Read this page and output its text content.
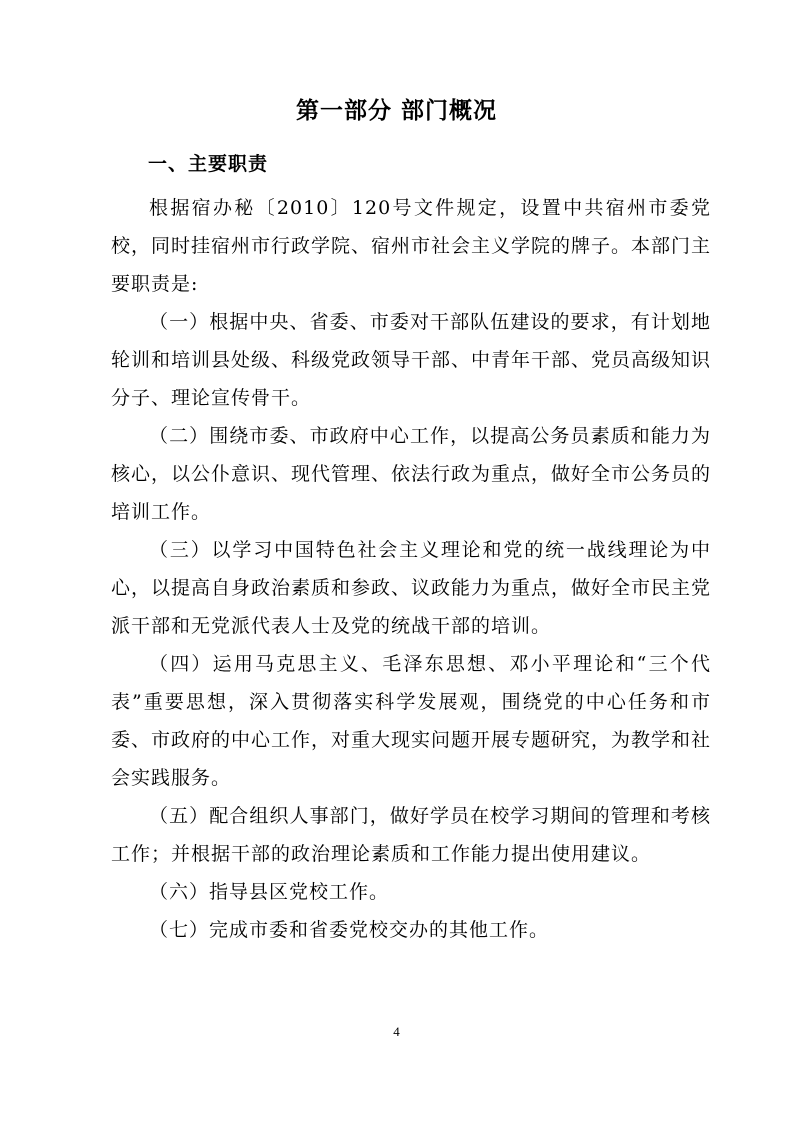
第一部分 部门概况
一、主要职责

根据宿办秘〔2010〕120号文件规定，设置中共宿州市委党校，同时挂宿州市行政学院、宿州市社会主义学院的牌子。本部门主要职责是:

（一）根据中央、省委、市委对干部队伍建设的要求，有计划地轮训和培训县处级、科级党政领导干部、中青年干部、党员高级知识分子、理论宣传骨干。

（二）围绕市委、市政府中心工作，以提高公务员素质和能力为核心，以公仆意识、现代管理、依法行政为重点，做好全市公务员的培训工作。

（三）以学习中国特色社会主义理论和党的统一战线理论为中心，以提高自身政治素质和参政、议政能力为重点，做好全市民主党派干部和无党派代表人士及党的统战干部的培训。

（四）运用马克思主义、毛泽东思想、邓小平理论和“三个代表”重要思想，深入贯彻落实科学发展观，围绕党的中心任务和市委、市政府的中心工作，对重大现实问题开展专题研究，为教学和社会实践服务。

（五）配合组织人事部门，做好学员在校学习期间的管理和考核工作；并根据干部的政治理论素质和工作能力提出使用建议。

（六）指导县区党校工作。

（七）完成市委和省委党校交办的其他工作。

4
